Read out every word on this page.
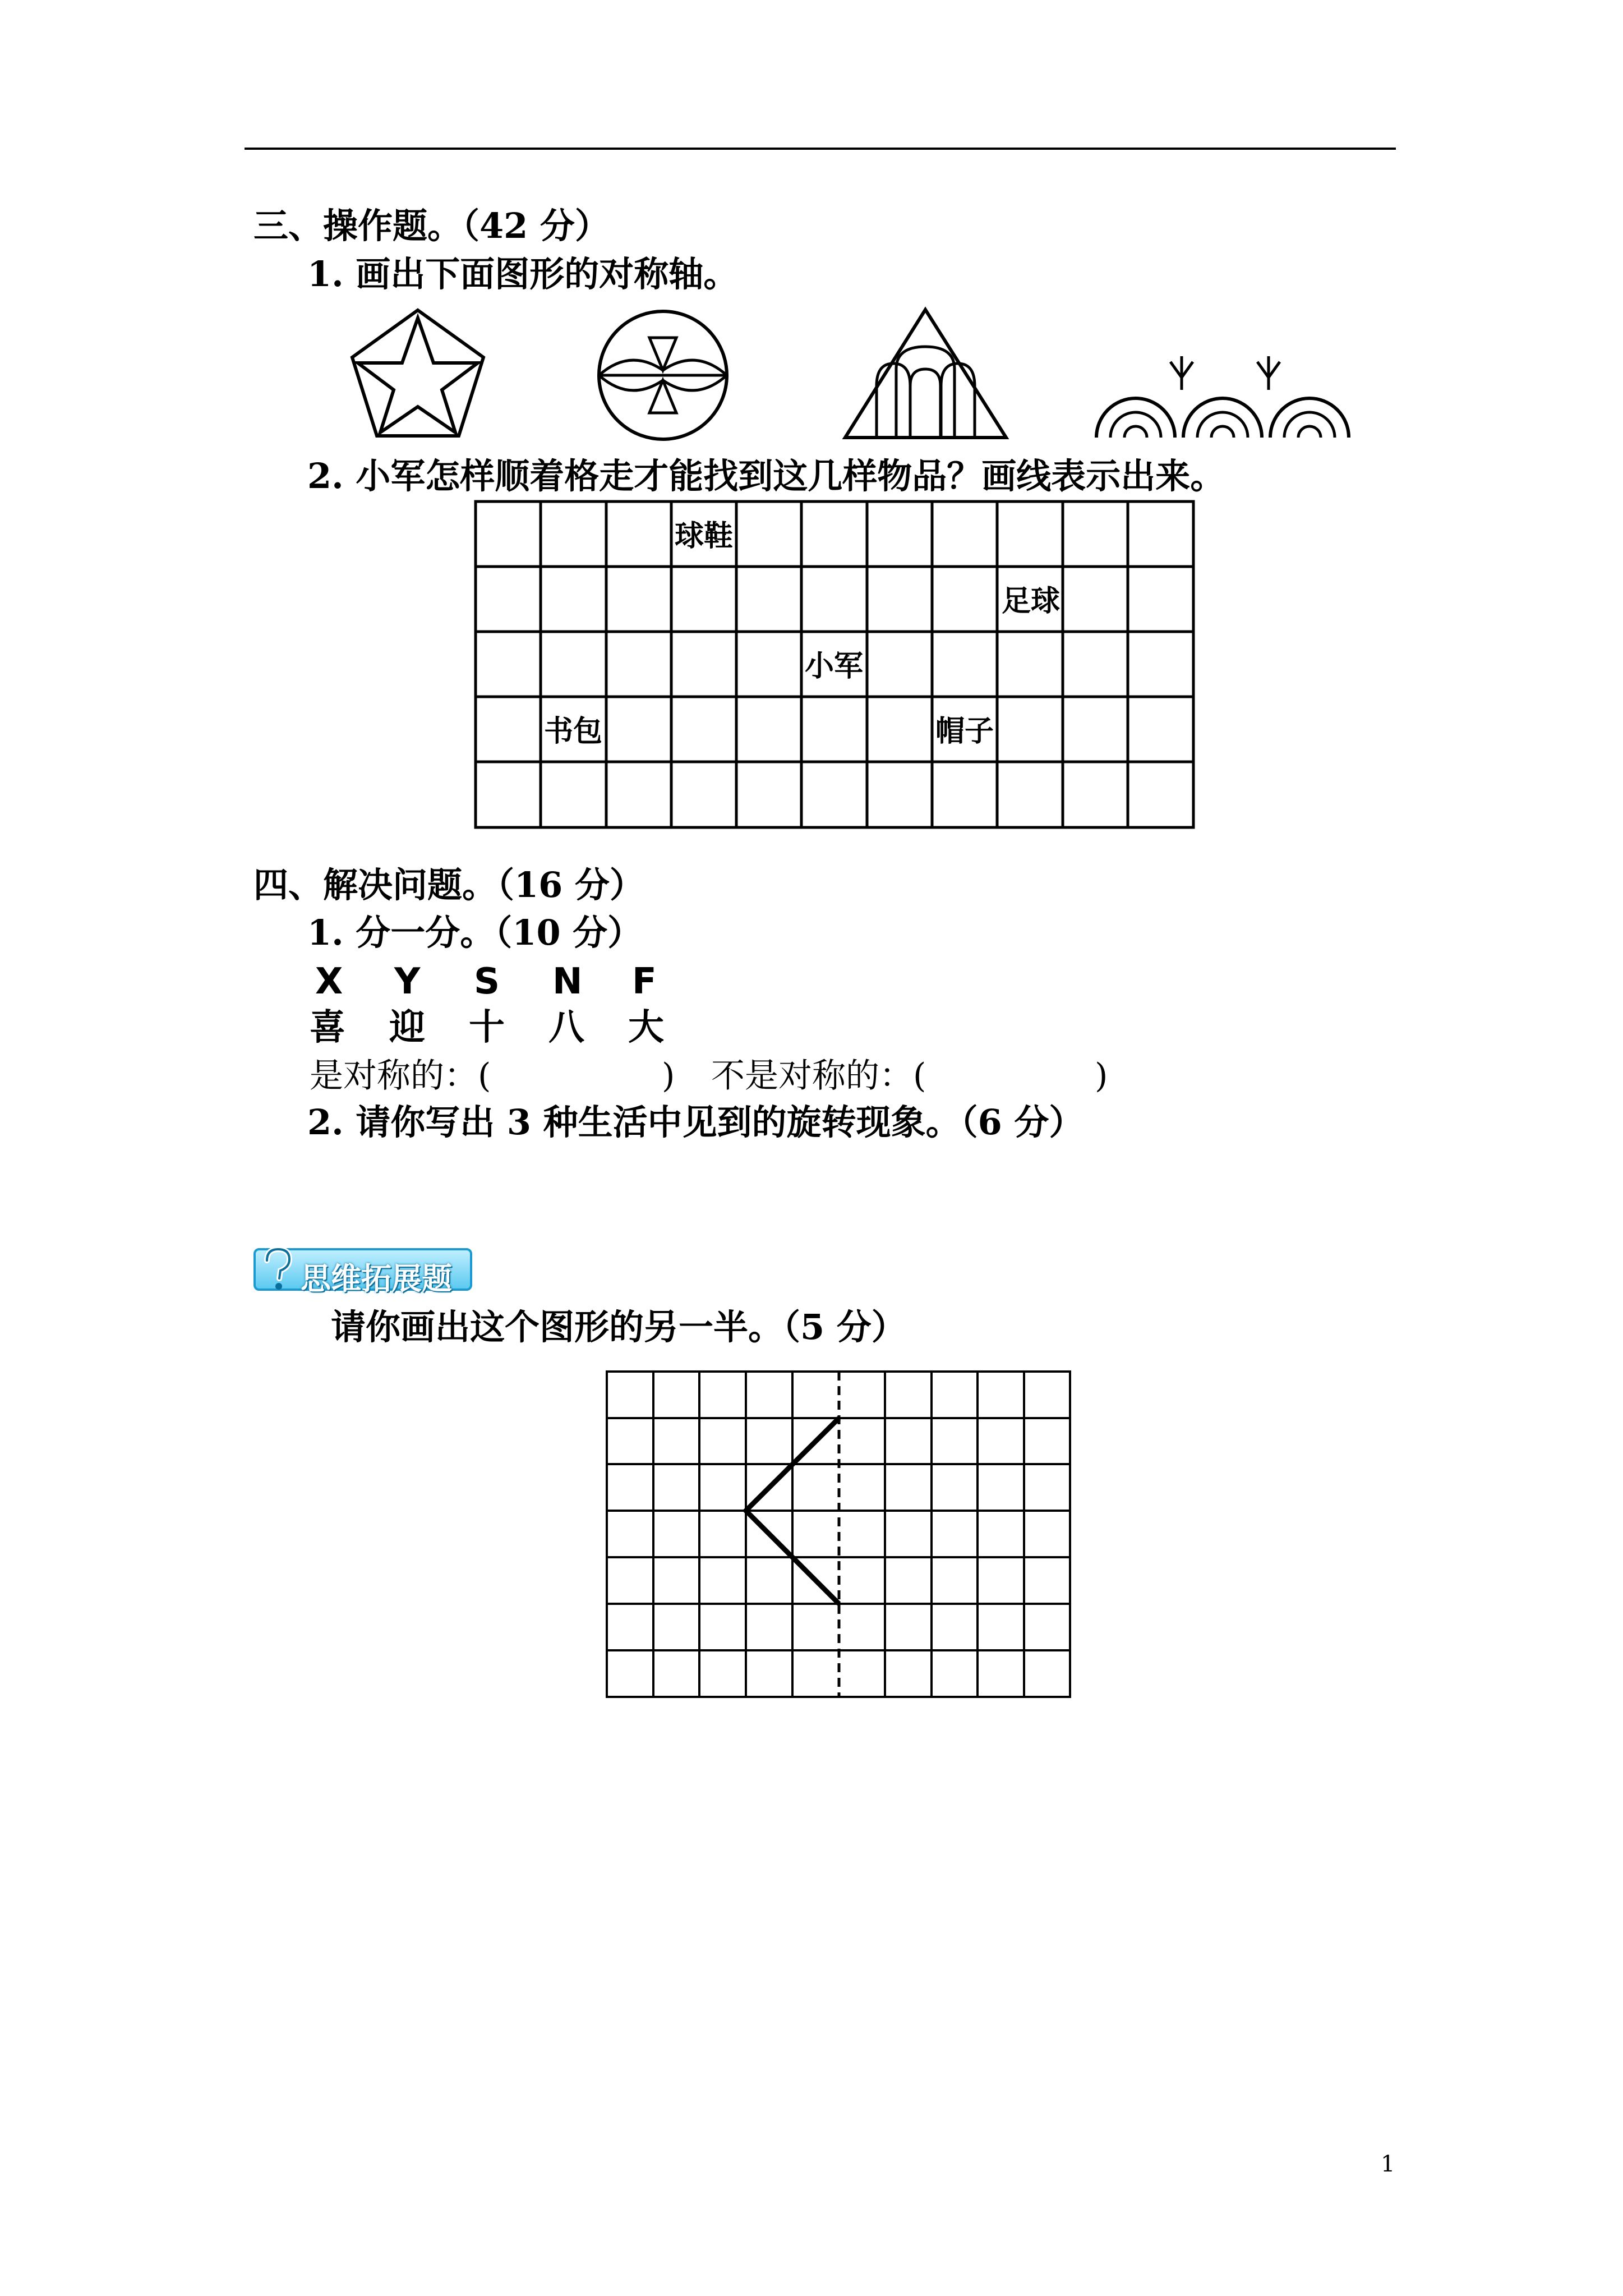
三、操作题。（42 分）
1. 画出下面图形的对称轴。
2. 小军怎样顺着格走才能找到这几样物品？画线表示出来。
球鞋
足球
小军
书包	帽子
四、解决问题。（16 分）
1. 分一分。（10 分）
X Y S N F
喜 迎 十 八 大
是对称的：(	) 不是对称的：(	)
2. 请你写出 3 种生活中见到的旋转现象。（6 分）
思维拓展题
请你画出这个图形的另一半。（5 分）
1
